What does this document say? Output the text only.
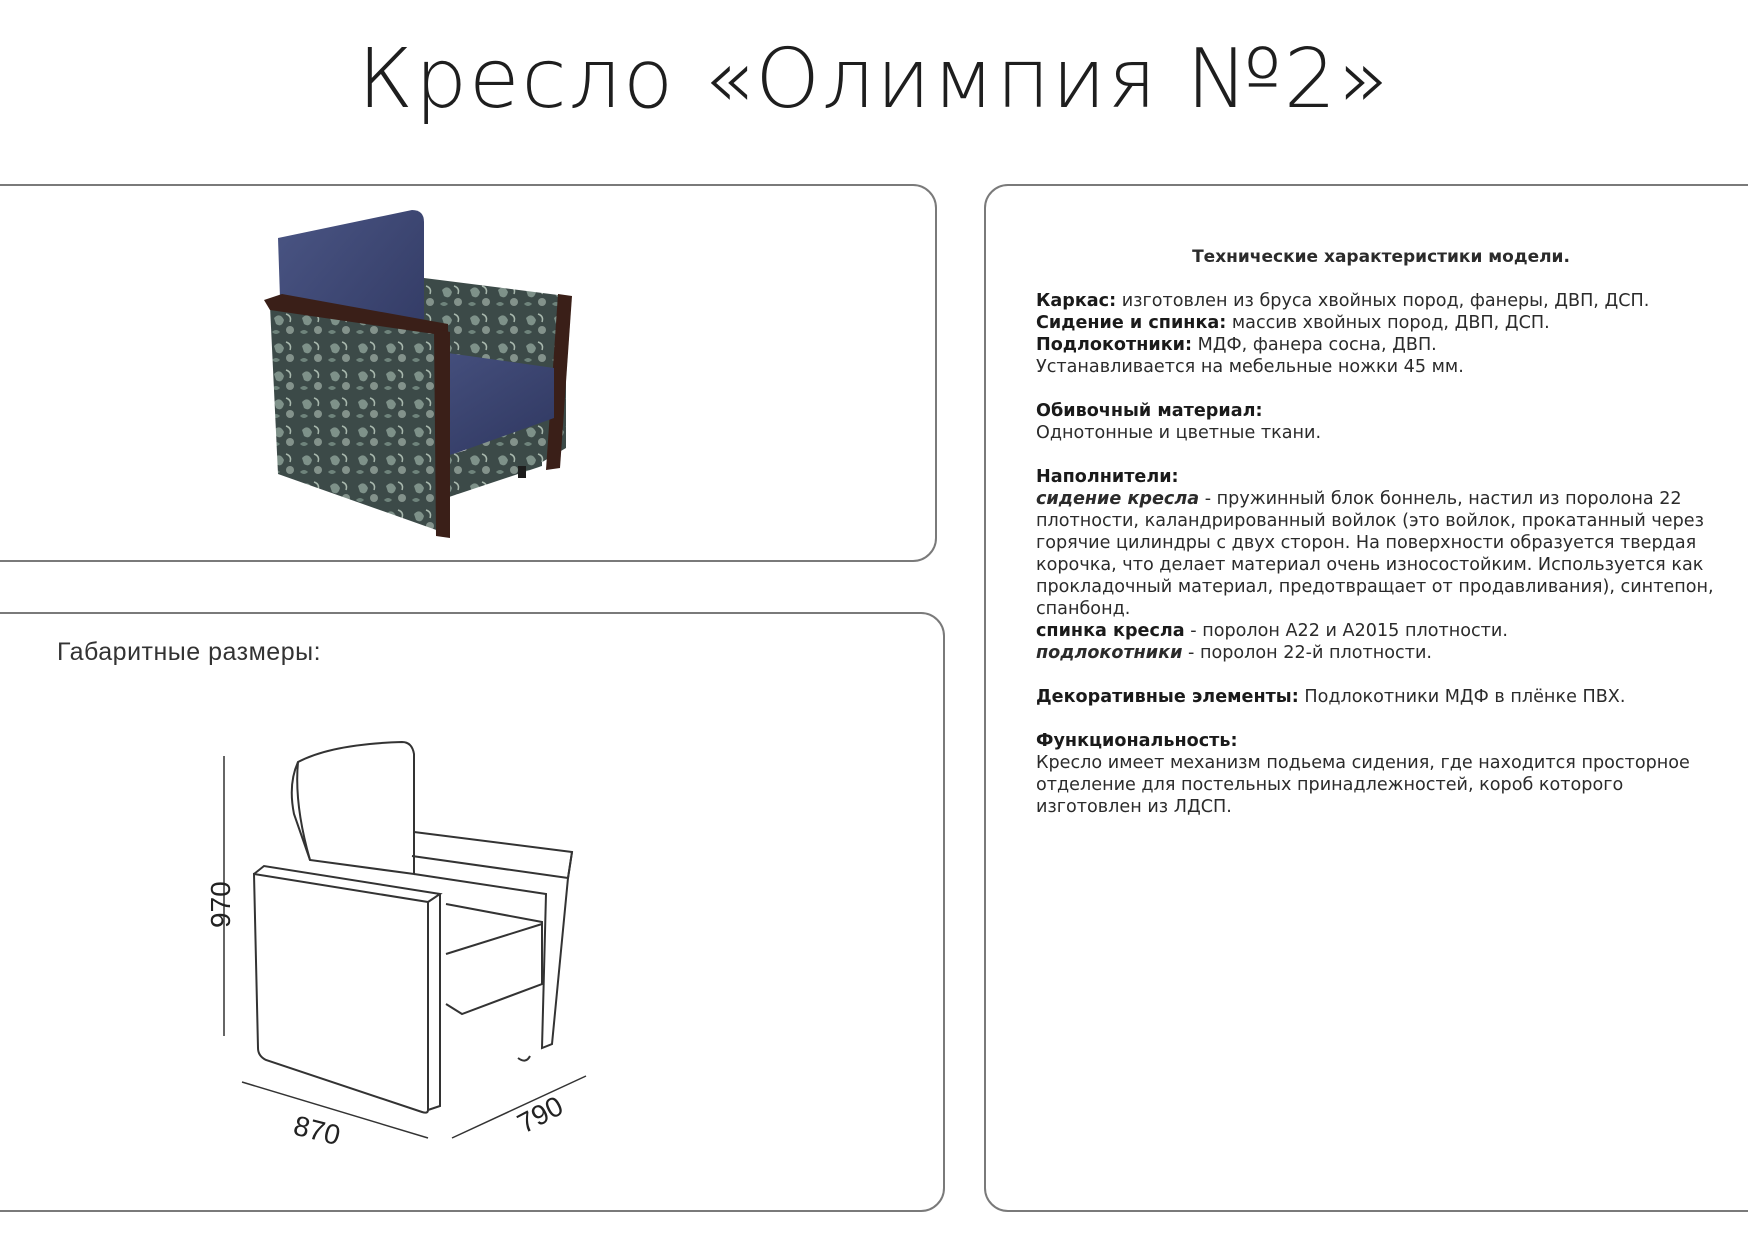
Кресло «Олимпия №2»
Габаритные размеры:
970
870	790
Технические характеристики модели.
Каркас: изготовлен из бруса хвойных пород, фанеры, ДВП, ДСП.
Сидение и спинка: массив хвойных пород, ДВП, ДСП.
Подлокотники: МДФ, фанера сосна, ДВП.
Устанавливается на мебельные ножки 45 мм.
Обивочный материал:
Однотонные и цветные ткани.
Наполнители:
сидение кресла - пружинный блок боннель, настил из поролона 22 плотности, каландрированный войлок (это войлок, прокатанный через горячие цилиндры с двух сторон. На поверхности образуется твердая корочка, что делает материал очень износостойким. Используется как прокладочный материал, предотвращает от продавливания), синтепон, спанбонд.
спинка кресла - поролон А22 и А2015 плотности.
подлокотники - поролон 22-й плотности.
Декоративные элементы: Подлокотники МДФ в плёнке ПВХ.
Функциональность:
Кресло имеет механизм подьема сидения, где находится просторное отделение для постельных принадлежностей, короб которого изготовлен из ЛДСП.
